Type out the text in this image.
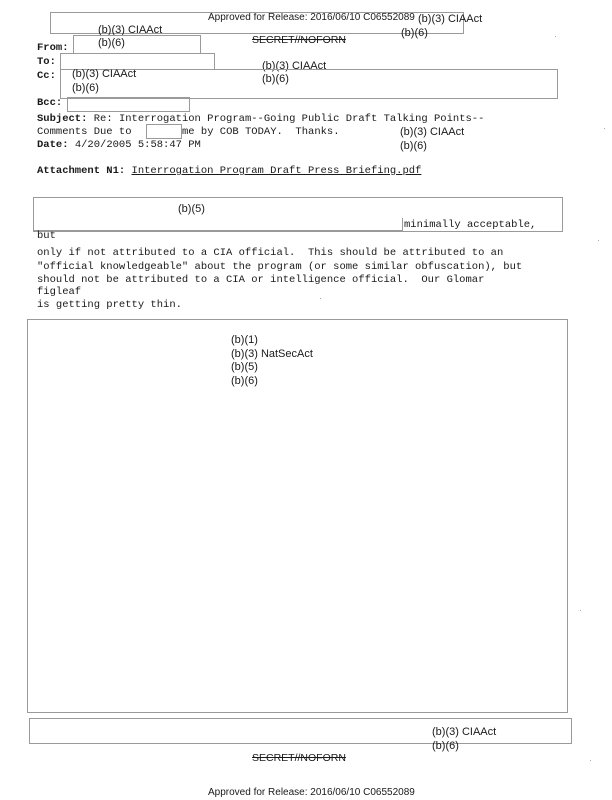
Approved for Release: 2016/06/10 C06552089 (b)(3) CIAAct
(b)(6)
SECRET//NOFORN
(b)(3) CIAAct
(b)(6)
From:
To:	(b)(3) CIAAct
(b)(6)
Cc: (b)(3) CIAAct
(b)(6)
Bcc:
Subject: Re: Interrogation Program--Going Public Draft Talking Points--
Comments Due to	me by COB TODAY.  Thanks.	(b)(3) CIAAct
(b)(6)
Date: 4/20/2005 5:58:47 PM
Attachment N1: Interrogation Program Draft Press Briefing.pdf
(b)(5)
minimally acceptable,
but
only if not attributed to a CIA official.  This should be attributed to an
"official knowledgeable" about the program (or some similar obfuscation), but
should not be attributed to a CIA or intelligence official.  Our Glomar
figleaf
is getting pretty thin.
(b)(1)
(b)(3) NatSecAct
(b)(5)
(b)(6)
(b)(3) CIAAct
(b)(6)
SECRET//NOFORN
Approved for Release: 2016/06/10 C06552089
